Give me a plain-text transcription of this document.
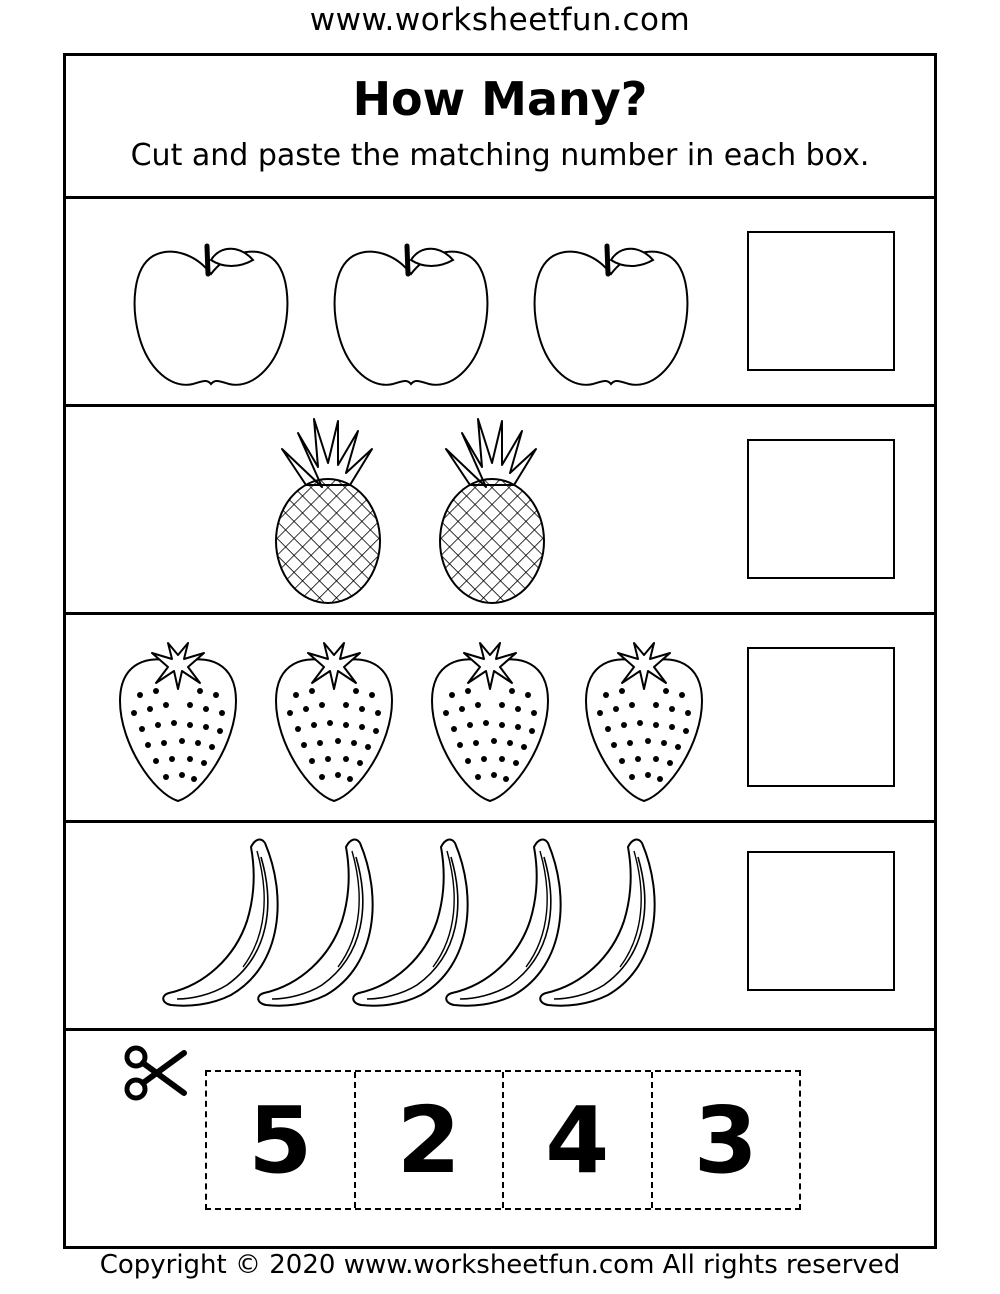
www.worksheetfun.com
How Many?
Cut and paste the matching number in each box.
5 2 4 3
Copyright © 2020 www.worksheetfun.com All rights reserved
